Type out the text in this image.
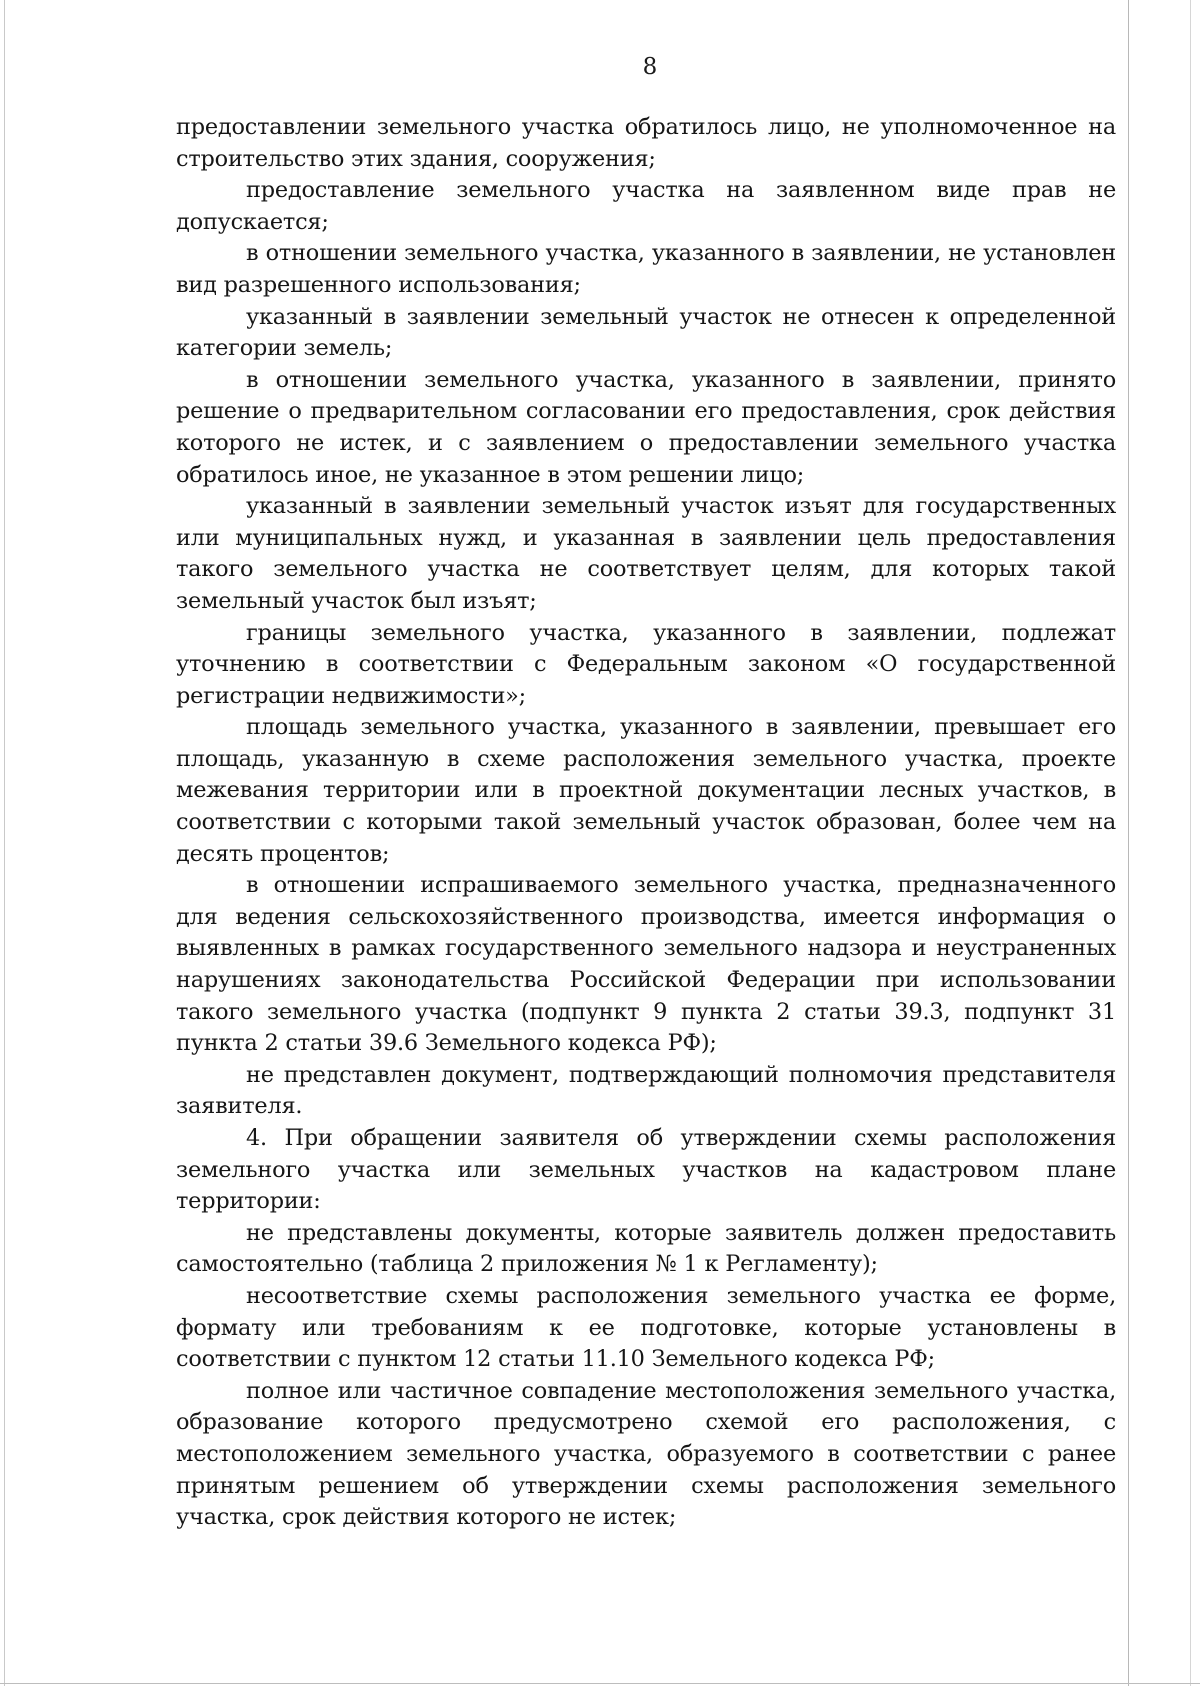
8

предоставлении земельного участка обратилось лицо, не уполномоченное на строительство этих здания, сооружения;

предоставление земельного участка на заявленном виде прав не допускается;

в отношении земельного участка, указанного в заявлении, не установлен вид разрешенного использования;

указанный в заявлении земельный участок не отнесен к определенной категории земель;

в отношении земельного участка, указанного в заявлении, принято решение о предварительном согласовании его предоставления, срок действия которого не истек, и с заявлением о предоставлении земельного участка обратилось иное, не указанное в этом решении лицо;

указанный в заявлении земельный участок изъят для государственных или муниципальных нужд, и указанная в заявлении цель предоставления такого земельного участка не соответствует целям, для которых такой земельный участок был изъят;

границы земельного участка, указанного в заявлении, подлежат уточнению в соответствии с Федеральным законом «О государственной регистрации недвижимости»;

площадь земельного участка, указанного в заявлении, превышает его площадь, указанную в схеме расположения земельного участка, проекте межевания территории или в проектной документации лесных участков, в соответствии с которыми такой земельный участок образован, более чем на десять процентов;

в отношении испрашиваемого земельного участка, предназначенного для ведения сельскохозяйственного производства, имеется информация о выявленных в рамках государственного земельного надзора и неустраненных нарушениях законодательства Российской Федерации при использовании такого земельного участка (подпункт 9 пункта 2 статьи 39.3, подпункт 31 пункта 2 статьи 39.6 Земельного кодекса РФ);

не представлен документ, подтверждающий полномочия представителя заявителя.

4. При обращении заявителя об утверждении схемы расположения земельного участка или земельных участков на кадастровом плане территории:

не представлены документы, которые заявитель должен предоставить самостоятельно (таблица 2 приложения № 1 к Регламенту);

несоответствие схемы расположения земельного участка ее форме, формату или требованиям к ее подготовке, которые установлены в соответствии с пунктом 12 статьи 11.10 Земельного кодекса РФ;

полное или частичное совпадение местоположения земельного участка, образование которого предусмотрено схемой его расположения, с местоположением земельного участка, образуемого в соответствии с ранее принятым решением об утверждении схемы расположения земельного участка, срок действия которого не истек;
